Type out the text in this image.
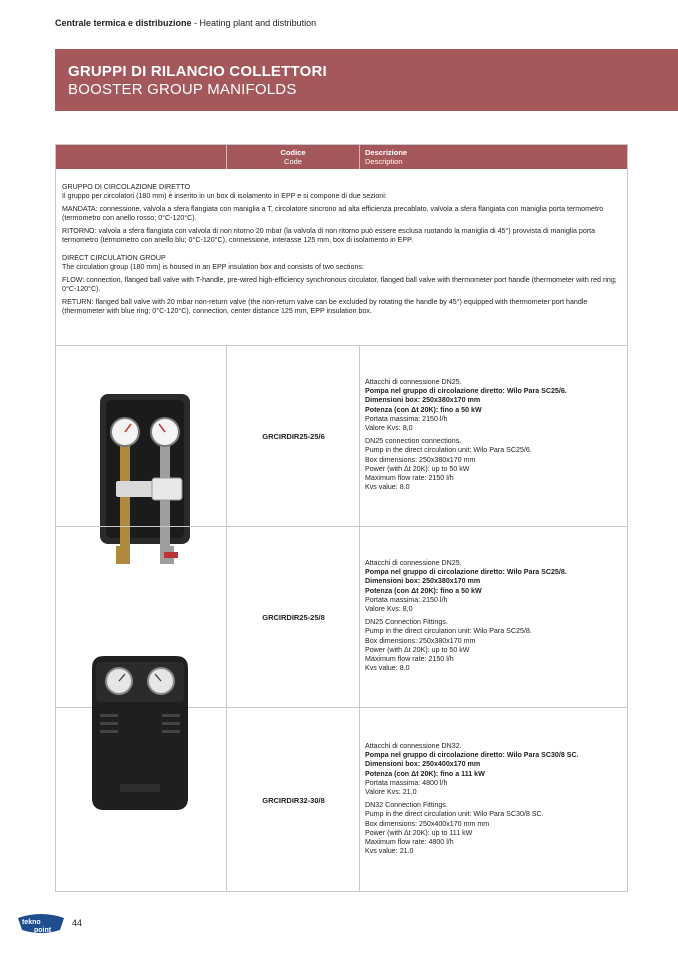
Centrale termica e distribuzione - Heating plant and distribution
GRUPPI DI RILANCIO COLLETTORI
BOOSTER GROUP MANIFOLDS
Codice
Code
Descrizione
Description

GRUPPO DI CIRCOLAZIONE DIRETTO

Il gruppo per circolatori (180 mm) è inserito in un box di isolamento in EPP e si compone di due sezioni:

MANDATA: connessione, valvola a sfera flangiata con maniglia a T, circolatore sincrono ad alta efficienza precablato, valvola a sfera flangiata con maniglia porta termometro (termometro con anello rosso; 0°C-120°C).

RITORNO: valvola a sfera flangiata con valvola di non ritorno 20 mbar (la valvola di non ritorno può essere esclusa ruotando la maniglia di 45°) provvista di maniglia porta termometro (termometro con anello blu; 0°C-120°C), connessione, interasse 125 mm, box di isolamento in EPP.

DIRECT CIRCULATION GROUP

The circulation group (180 mm) is housed in an EPP insulation box and consists of two sections:

FLOW: connection, flanged ball valve with T-handle, pre-wired high-efficiency synchronous circulator, flanged ball valve with thermometer port handle (thermometer with red ring; 0°C-120°C).

RETURN: flanged ball valve with 20 mbar non-return valve (the non-return valve can be excluded by rotating the handle by 45°) equipped with thermometer port handle (thermometer with blue ring; 0°C-120°C), connection, center distance 125 mm, EPP insulation box.

GRCIRDIR25-25/6
Attacchi di connessione DN25.
Pompa nel gruppo di circolazione diretto: Wilo Para SC25/6.
Dimensioni box: 250x380x170 mm
Potenza (con Δt 20K): fino a 50 kW
Portata massima: 2150 l/h
Valore Kvs: 8,0
DN25 connection connections.
Pump in the direct circulation unit: Wilo Para SC25/6.
Box dimensions: 250x380x170 mm
Power (with Δt 20K): up to 50 kW
Maximum flow rate: 2150 l/h
Kvs value: 8.0
GRCIRDIR25-25/8
Attacchi di connessione DN25.
Pompa nel gruppo di circolazione diretto: Wilo Para SC25/8.
Dimensioni box: 250x380x170 mm
Potenza (con Δt 20K): fino a 50 kW
Portata massima: 2150 l/h
Valore Kvs: 8,0
DN25 Connection Fittings.
Pump in the direct circulation unit: Wilo Para SC25/8.
Box dimensions: 250x380x170 mm
Power (with Δt 20K): up to 50 kW
Maximum flow rate: 2150 l/h
Kvs value: 8.0
GRCIRDIR32-30/8
Attacchi di connessione DN32.
Pompa nel gruppo di circolazione diretto: Wilo Para SC30/8 SC.
Dimensioni box: 250x400x170 mm
Potenza (con Δt 20K): fino a 111 kW
Portata massima: 4800 l/h
Valore Kvs: 21,0
DN32 Connection Fittings.
Pump in the direct circulation unit: Wilo Para SC30/8 SC.
Box dimensions: 250x400x170 mm mm
Power (with Δt 20K): up to 111 kW
Maximum flow rate: 4800 l/h
Kvs value: 21.0
tekno
point
44
